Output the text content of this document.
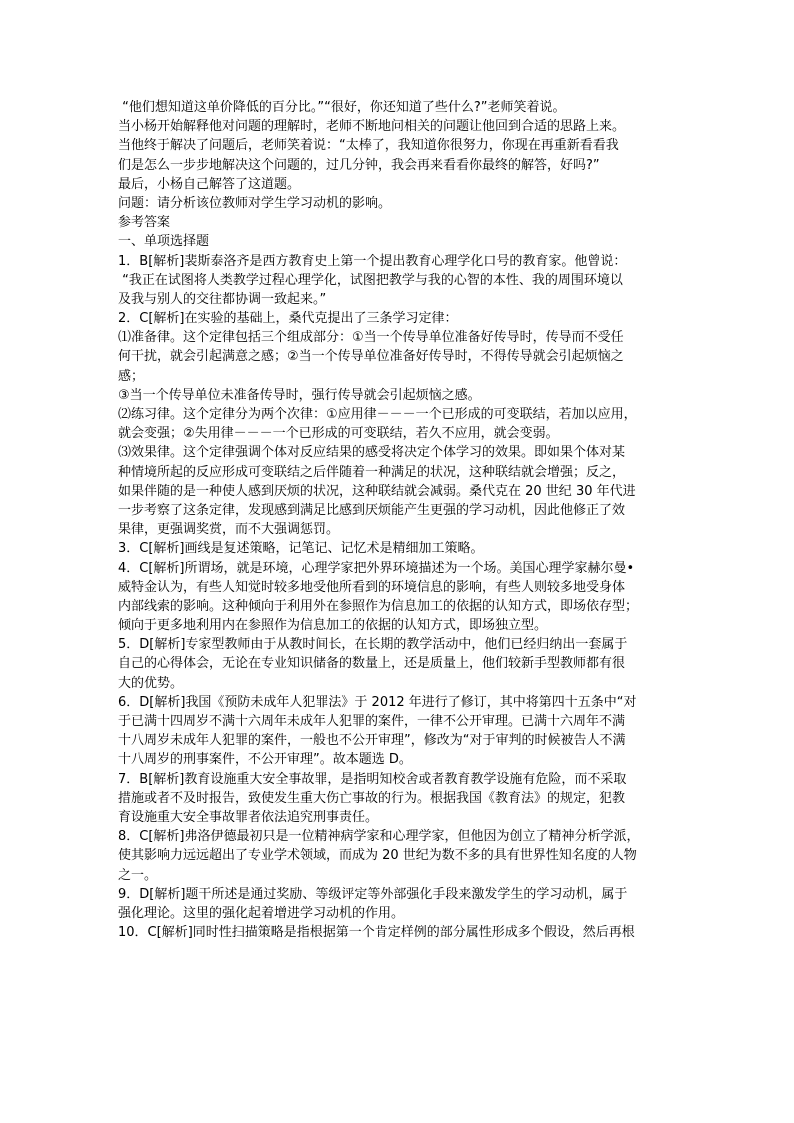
“他们想知道这单价降低的百分比。”“很好，你还知道了些什么?”老师笑着说。
当小杨开始解释他对问题的理解时，老师不断地问相关的问题让他回到合适的思路上来。
当他终于解决了问题后，老师笑着说：“太棒了，我知道你很努力，你现在再重新看看我
们是怎么一步步地解决这个问题的，过几分钟，我会再来看看你最终的解答，好吗?”
最后，小杨自己解答了这道题。
问题：请分析该位教师对学生学习动机的影响。
参考答案
一、单项选择题
1．B[解析]裴斯泰洛齐是西方教育史上第一个提出教育心理学化口号的教育家。他曾说：
“我正在试图将人类教学过程心理学化，试图把教学与我的心智的本性、我的周围环境以
及我与别人的交往都协调一致起来。”
2．C[解析]在实验的基础上，桑代克提出了三条学习定律：
⑴准备律。这个定律包括三个组成部分：①当一个传导单位准备好传导时，传导而不受任
何干扰，就会引起满意之感；②当一个传导单位准备好传导时，不得传导就会引起烦恼之
感；
③当一个传导单位未准备传导时，强行传导就会引起烦恼之感。
⑵练习律。这个定律分为两个次律：①应用律－－－一个已形成的可变联结，若加以应用，
就会变强；②失用律－－－一个已形成的可变联结，若久不应用，就会变弱。
⑶效果律。这个定律强调个体对反应结果的感受将决定个体学习的效果。即如果个体对某
种情境所起的反应形成可变联结之后伴随着一种满足的状况，这种联结就会增强；反之，
如果伴随的是一种使人感到厌烦的状况，这种联结就会减弱。桑代克在 20 世纪 30 年代进
一步考察了这条定律，发现感到满足比感到厌烦能产生更强的学习动机，因此他修正了效
果律，更强调奖赏，而不大强调惩罚。
3．C[解析]画线是复述策略，记笔记、记忆术是精细加工策略。
4．C[解析]所谓场，就是环境，心理学家把外界环境描述为一个场。美国心理学家赫尔曼•
威特金认为，有些人知觉时较多地受他所看到的环境信息的影响，有些人则较多地受身体
内部线索的影响。这种倾向于利用外在参照作为信息加工的依据的认知方式，即场依存型；
倾向于更多地利用内在参照作为信息加工的依据的认知方式，即场独立型。
5．D[解析]专家型教师由于从教时间长，在长期的教学活动中，他们已经归纳出一套属于
自己的心得体会，无论在专业知识储备的数量上，还是质量上，他们较新手型教师都有很
大的优势。
6．D[解析]我国《预防未成年人犯罪法》于 2012 年进行了修订，其中将第四十五条中“对
于已满十四周岁不满十六周年未成年人犯罪的案件，一律不公开审理。已满十六周年不满
十八周岁未成年人犯罪的案件，一般也不公开审理”，修改为“对于审判的时候被告人不满
十八周岁的刑事案件，不公开审理”。故本题选 D。
7．B[解析]教育设施重大安全事故罪，是指明知校舍或者教育教学设施有危险，而不采取
措施或者不及时报告，致使发生重大伤亡事故的行为。根据我国《教育法》的规定，犯教
育设施重大安全事故罪者依法追究刑事责任。
8．C[解析]弗洛伊德最初只是一位精神病学家和心理学家，但他因为创立了精神分析学派，
使其影响力远远超出了专业学术领域，而成为 20 世纪为数不多的具有世界性知名度的人物
之一。
9．D[解析]题干所述是通过奖励、等级评定等外部强化手段来激发学生的学习动机，属于
强化理论。这里的强化起着增进学习动机的作用。
10．C[解析]同时性扫描策略是指根据第一个肯定样例的部分属性形成多个假设，然后再根
